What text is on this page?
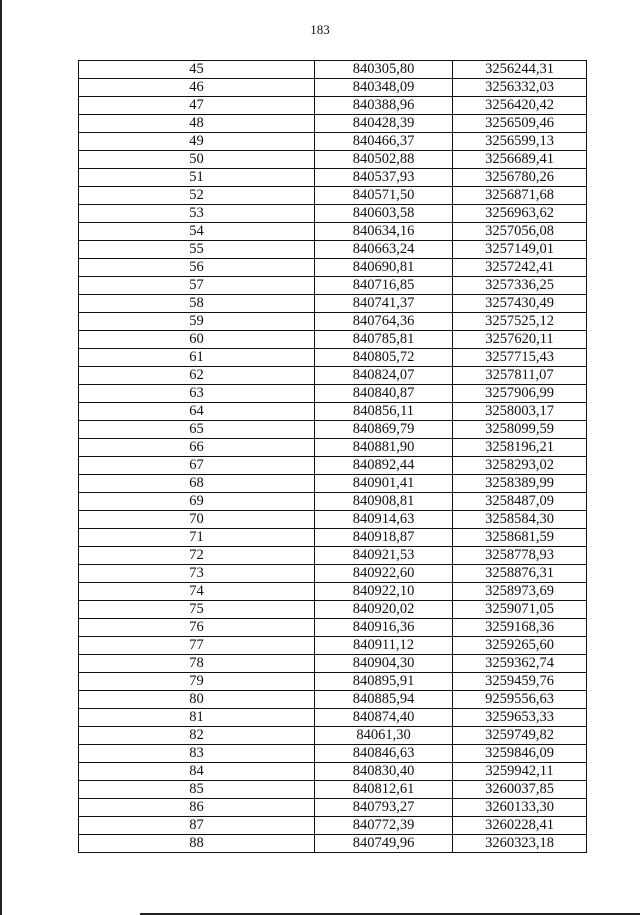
183
45	840305,80	3256244,31
46	840348,09	3256332,03
47	840388,96	3256420,42
48	840428,39	3256509,46
49	840466,37	3256599,13
50	840502,88	3256689,41
51	840537,93	3256780,26
52	840571,50	3256871,68
53	840603,58	3256963,62
54	840634,16	3257056,08
55	840663,24	3257149,01
56	840690,81	3257242,41
57	840716,85	3257336,25
58	840741,37	3257430,49
59	840764,36	3257525,12
60	840785,81	3257620,11
61	840805,72	3257715,43
62	840824,07	3257811,07
63	840840,87	3257906,99
64	840856,11	3258003,17
65	840869,79	3258099,59
66	840881,90	3258196,21
67	840892,44	3258293,02
68	840901,41	3258389,99
69	840908,81	3258487,09
70	840914,63	3258584,30
71	840918,87	3258681,59
72	840921,53	3258778,93
73	840922,60	3258876,31
74	840922,10	3258973,69
75	840920,02	3259071,05
76	840916,36	3259168,36
77	840911,12	3259265,60
78	840904,30	3259362,74
79	840895,91	3259459,76
80	840885,94	9259556,63
81	840874,40	3259653,33
82	84061,30	3259749,82
83	840846,63	3259846,09
84	840830,40	3259942,11
85	840812,61	3260037,85
86	840793,27	3260133,30
87	840772,39	3260228,41
88	840749,96	3260323,18
